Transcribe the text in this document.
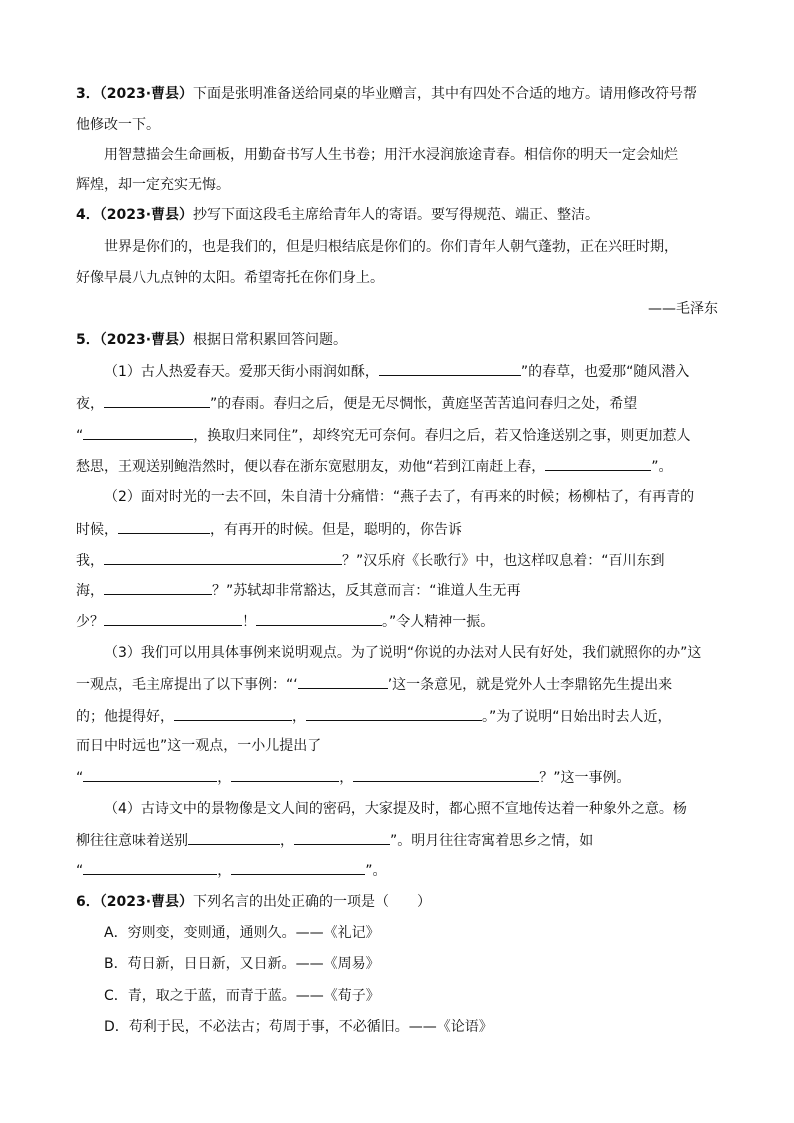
3．（2023·曹县）下面是张明准备送给同桌的毕业赠言，其中有四处不合适的地方。请用修改符号帮
他修改一下。
用智慧描会生命画板，用勤奋书写人生书卷；用汗水浸润旅途青春。相信你的明天一定会灿烂
辉煌，却一定充实无悔。
4．（2023·曹县）抄写下面这段毛主席给青年人的寄语。要写得规范、端正、整洁。
世界是你们的，也是我们的，但是归根结底是你们的。你们青年人朝气蓬勃，正在兴旺时期，
好像早晨八九点钟的太阳。希望寄托在你们身上。
——毛泽东
5．（2023·曹县）根据日常积累回答问题。
（1）古人热爱春天。爱那天街小雨润如酥，	”的春草，也爱那“随风潜入
夜，	”的春雨。春归之后，便是无尽惆怅，黄庭坚苦苦追问春归之处，希望
“	，换取归来同住”，却终究无可奈何。春归之后，若又恰逢送别之事，则更加惹人
愁思，王观送别鲍浩然时，便以春在浙东宽慰朋友，劝他“若到江南赶上春，	”。
（2）面对时光的一去不回，朱自清十分痛惜：“燕子去了，有再来的时候；杨柳枯了，有再青的
时候，	，有再开的时候。但是，聪明的，你告诉
我，	？”汉乐府《长歌行》中，也这样叹息着：“百川东到
海，	？”苏轼却非常豁达，反其意而言：“谁道人生无再
少？	！	。”令人精神一振。
（3）我们可以用具体事例来说明观点。为了说明“你说的办法对人民有好处，我们就照你的办”这
一观点，毛主席提出了以下事例：“‘	’这一条意见，就是党外人士李鼎铭先生提出来
的；他提得好，	，	。”为了说明“日始出时去人近，
而日中时远也”这一观点，一小儿提出了
“	，	，	？”这一事例。
（4）古诗文中的景物像是文人间的密码，大家提及时，都心照不宣地传达着一种象外之意。杨
柳往往意味着送别	，	”。明月往往寄寓着思乡之情，如
“	，	”。
6．（2023·曹县）下列名言的出处正确的一项是（　　）
A．穷则变，变则通，通则久。——《礼记》
B．苟日新，日日新，又日新。——《周易》
C．青，取之于蓝，而青于蓝。——《荀子》
D．苟利于民，不必法古；苟周于事，不必循旧。——《论语》
